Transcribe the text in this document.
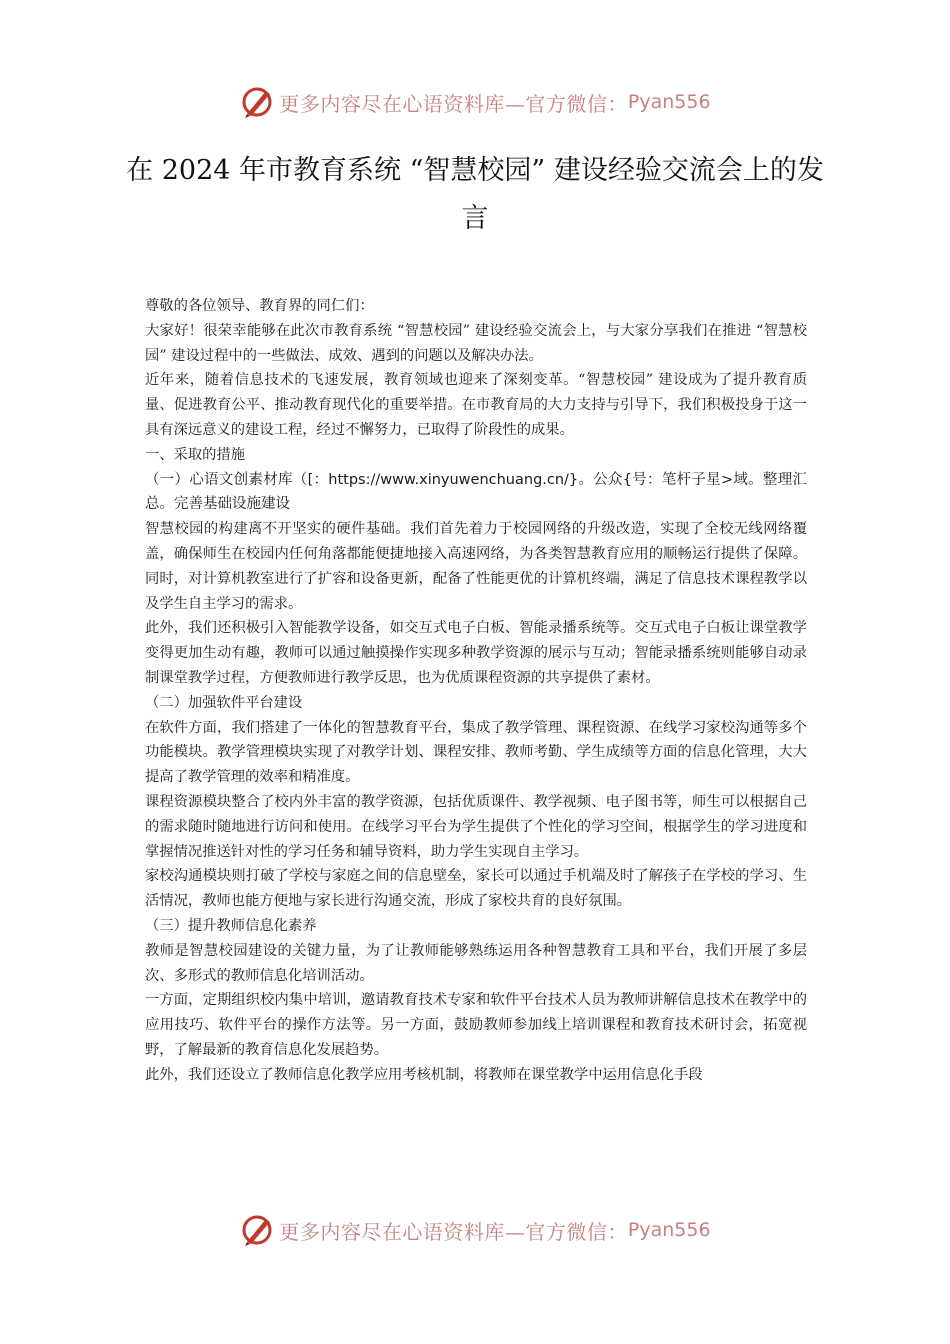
更多内容尽在心语资料库—官方微信： Pyan556
在 2024 年市教育系统 “智慧校园” 建设经验交流会上的发言

尊敬的各位领导、教育界的同仁们：

大家好！很荣幸能够在此次市教育系统 “智慧校园” 建设经验交流会上，与大家分享我们在推进 “智慧校园” 建设过程中的一些做法、成效、遇到的问题以及解决办法。

近年来，随着信息技术的飞速发展，教育领域也迎来了深刻变革。“智慧校园” 建设成为了提升教育质量、促进教育公平、推动教育现代化的重要举措。在市教育局的大力支持与引导下，我们积极投身于这一具有深远意义的建设工程，经过不懈努力，已取得了阶段性的成果。

一、采取的措施

（一）心语文创素材库（[：https://www.xinyuwenchuang.cn/}。公众{号：笔杆子星>域。整理汇总。完善基础设施建设

智慧校园的构建离不开坚实的硬件基础。我们首先着力于校园网络的升级改造，实现了全校无线网络覆盖，确保师生在校园内任何角落都能便捷地接入高速网络，为各类智慧教育应用的顺畅运行提供了保障。同时，对计算机教室进行了扩容和设备更新，配备了性能更优的计算机终端，满足了信息技术课程教学以及学生自主学习的需求。

此外，我们还积极引入智能教学设备，如交互式电子白板、智能录播系统等。交互式电子白板让课堂教学变得更加生动有趣，教师可以通过触摸操作实现多种教学资源的展示与互动；智能录播系统则能够自动录制课堂教学过程，方便教师进行教学反思，也为优质课程资源的共享提供了素材。

（二）加强软件平台建设

在软件方面，我们搭建了一体化的智慧教育平台，集成了教学管理、课程资源、在线学习家校沟通等多个功能模块。教学管理模块实现了对教学计划、课程安排、教师考勤、学生成绩等方面的信息化管理，大大提高了教学管理的效率和精准度。

课程资源模块整合了校内外丰富的教学资源，包括优质课件、教学视频、电子图书等，师生可以根据自己的需求随时随地进行访问和使用。在线学习平台为学生提供了个性化的学习空间，根据学生的学习进度和掌握情况推送针对性的学习任务和辅导资料，助力学生实现自主学习。

家校沟通模块则打破了学校与家庭之间的信息壁垒，家长可以通过手机端及时了解孩子在学校的学习、生活情况，教师也能方便地与家长进行沟通交流，形成了家校共育的良好氛围。

（三）提升教师信息化素养

教师是智慧校园建设的关键力量，为了让教师能够熟练运用各种智慧教育工具和平台，我们开展了多层次、多形式的教师信息化培训活动。

一方面，定期组织校内集中培训，邀请教育技术专家和软件平台技术人员为教师讲解信息技术在教学中的应用技巧、软件平台的操作方法等。另一方面，鼓励教师参加线上培训课程和教育技术研讨会，拓宽视野，了解最新的教育信息化发展趋势。

此外，我们还设立了教师信息化教学应用考核机制，将教师在课堂教学中运用信息化手段

更多内容尽在心语资料库—官方微信： Pyan556
